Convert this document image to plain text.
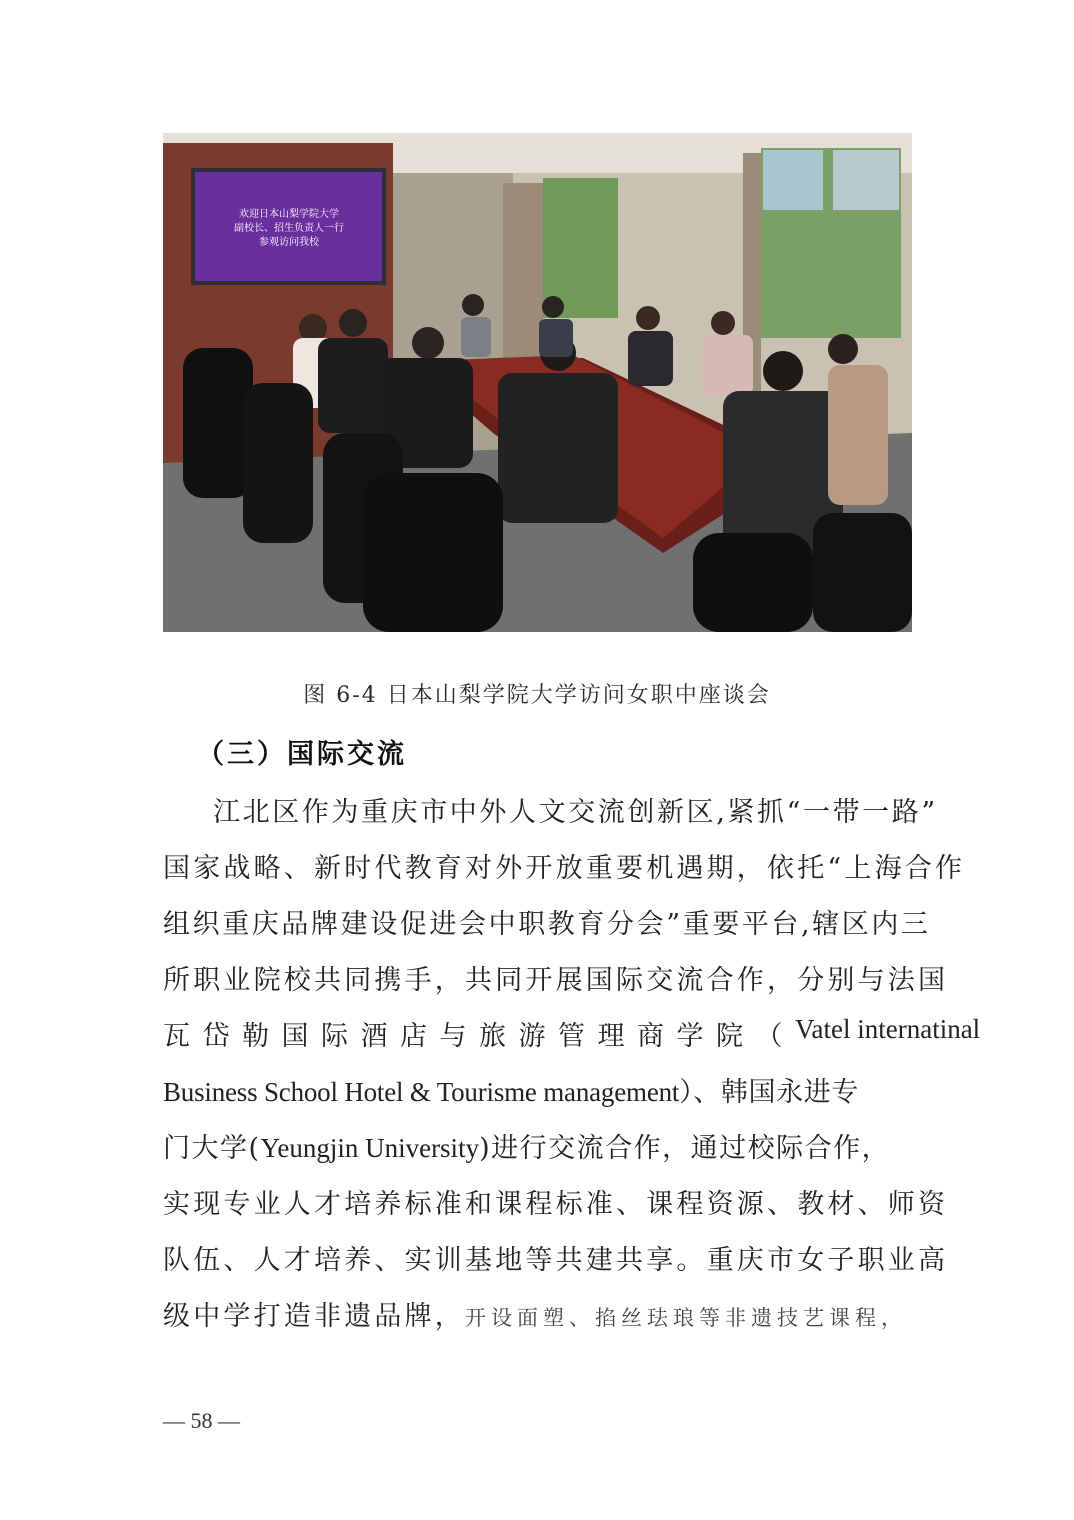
欢迎日本山梨学院大学
副校长、招生负责人一行
参观访问我校
图 6-4 日本山梨学院大学访问女职中座谈会
（三）国际交流
江北区作为重庆市中外人文交流创新区,紧抓“一带一路”
国家战略、新时代教育对外开放重要机遇期，依托“上海合作
组织重庆品牌建设促进会中职教育分会”重要平台,辖区内三
所职业院校共同携手，共同开展国际交流合作，分别与法国
瓦岱勒国际酒店与旅游管理商学院（ Vatel internatinal
Business School Hotel & Tourisme management）、韩国永进专
门大学(Yeungjin University)进行交流合作，通过校际合作，
实现专业人才培养标准和课程标准、课程资源、教材、师资
队伍、人才培养、实训基地等共建共享。重庆市女子职业高
级中学打造非遗品牌，开设面塑、掐丝珐琅等非遗技艺课程，
— 58 —
